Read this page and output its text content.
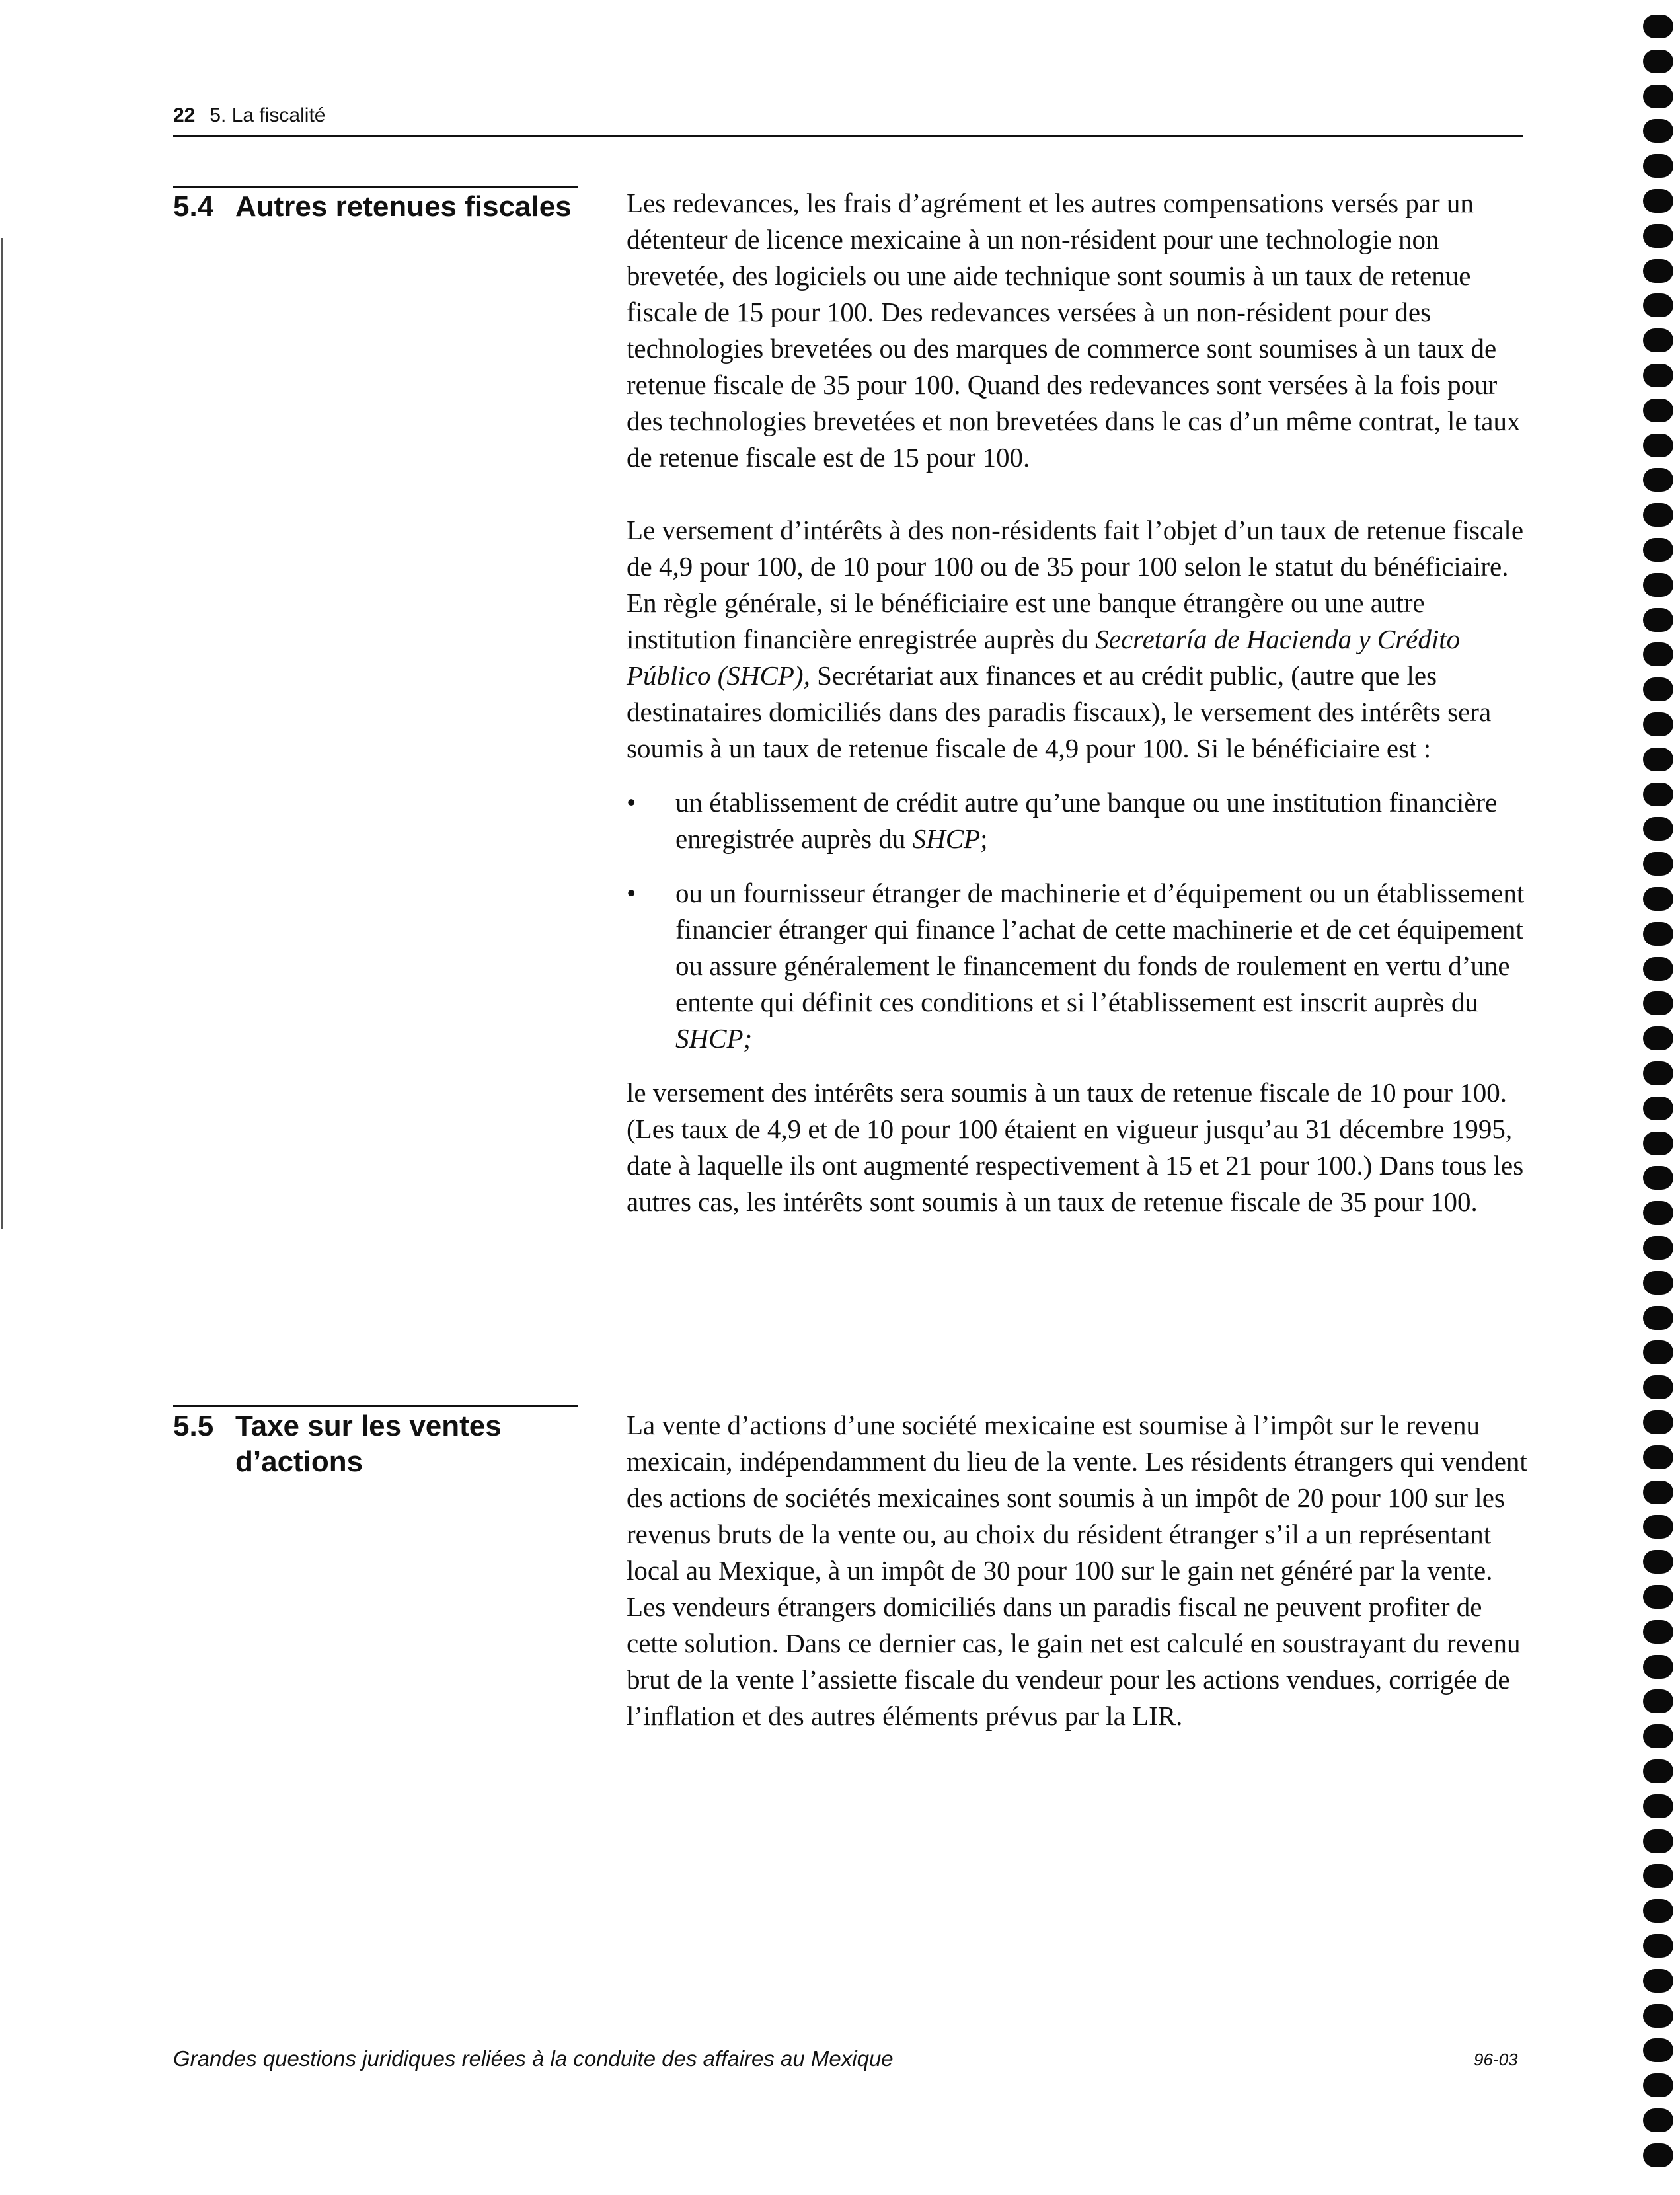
22 5. La fiscalité
5.4 Autres retenues fiscales	Les redevances, les frais d’agrément et les autres compensations versés par un détenteur de licence mexicaine à un non-résident pour une technologie non brevetée, des logiciels ou une aide technique sont soumis à un taux de retenue fiscale de 15 pour 100. Des redevances versées à un non-résident pour des technologies brevetées ou des marques de commerce sont soumises à un taux de retenue fiscale de 35 pour 100. Quand des redevances sont versées à la fois pour des technologies brevetées et non brevetées dans le cas d’un même contrat, le taux de retenue fiscale est de 15 pour 100.

Le versement d’intérêts à des non-résidents fait l’objet d’un taux de retenue fiscale de 4,9 pour 100, de 10 pour 100 ou de 35 pour 100 selon le statut du bénéficiaire. En règle générale, si le bénéficiaire est une banque étrangère ou une autre institution financière enregistrée auprès du Secretaría de Hacienda y Crédito Público (SHCP), Secrétariat aux finances et au crédit public, (autre que les destinataires domiciliés dans des paradis fiscaux), le versement des intérêts sera soumis à un taux de retenue fiscale de 4,9 pour 100. Si le bénéficiaire est :

•	un établissement de crédit autre qu’une banque ou une institution financière enregistrée auprès du SHCP;
•	ou un fournisseur étranger de machinerie et d’équipement ou un établissement financier étranger qui finance l’achat de cette machinerie et de cet équipement ou assure généralement le financement du fonds de roulement en vertu d’une entente qui définit ces conditions et si l’établissement est inscrit auprès du SHCP;

le versement des intérêts sera soumis à un taux de retenue fiscale de 10 pour 100. (Les taux de 4,9 et de 10 pour 100 étaient en vigueur jusqu’au 31 décembre 1995, date à laquelle ils ont augmenté respectivement à 15 et 21 pour 100.) Dans tous les autres cas, les intérêts sont soumis à un taux de retenue fiscale de 35 pour 100.

5.5 Taxe sur les ventes d’actions

La vente d’actions d’une société mexicaine est soumise à l’impôt sur le revenu mexicain, indépendamment du lieu de la vente. Les résidents étrangers qui vendent des actions de sociétés mexicaines sont soumis à un impôt de 20 pour 100 sur les revenus bruts de la vente ou, au choix du résident étranger s’il a un représentant local au Mexique, à un impôt de 30 pour 100 sur le gain net généré par la vente. Les vendeurs étrangers domiciliés dans un paradis fiscal ne peuvent profiter de cette solution. Dans ce dernier cas, le gain net est calculé en soustrayant du revenu brut de la vente l’assiette fiscale du vendeur pour les actions vendues, corrigée de l’inflation et des autres éléments prévus par la LIR.

Grandes questions juridiques reliées à la conduite des affaires au Mexique	96-03
